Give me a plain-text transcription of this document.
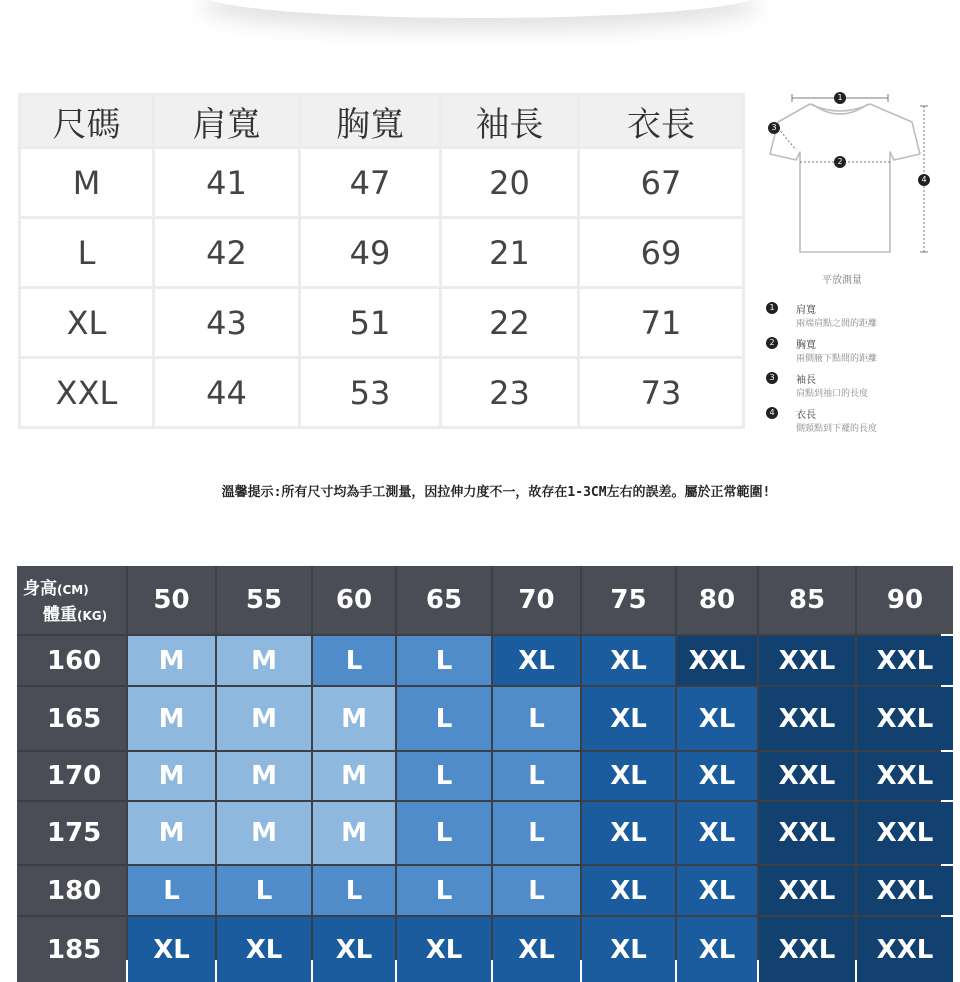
尺碼	肩寬	胸寬	袖長	衣長
M	41	47	20	67
L	42	49	21	69
XL	43	51	22	71
XXL	44	53	23	73
1
2
3
4
平放測量
1	肩寬
兩端肩點之間的距離
2	胸寬
兩側腋下點間的距離
3	袖長
肩點到袖口的長度
4	衣長
側頸點到下襬的長度
溫馨提示:所有尺寸均為手工測量，因拉伸力度不一，故存在1-3CM左右的誤差。屬於正常範圍!
身高(CM)
體重(KG)
50	55	60	65	70	75	80	85	90
160	M	M	L	L	XL	XL	XXL	XXL	XXL
165	M	M	M	L	L	XL	XL	XXL	XXL
170	M	M	M	L	L	XL	XL	XXL	XXL
175	M	M	M	L	L	XL	XL	XXL	XXL
180	L	L	L	L	L	XL	XL	XXL	XXL
185	XL	XL	XL	XL	XL	XL	XL	XXL	XXL
